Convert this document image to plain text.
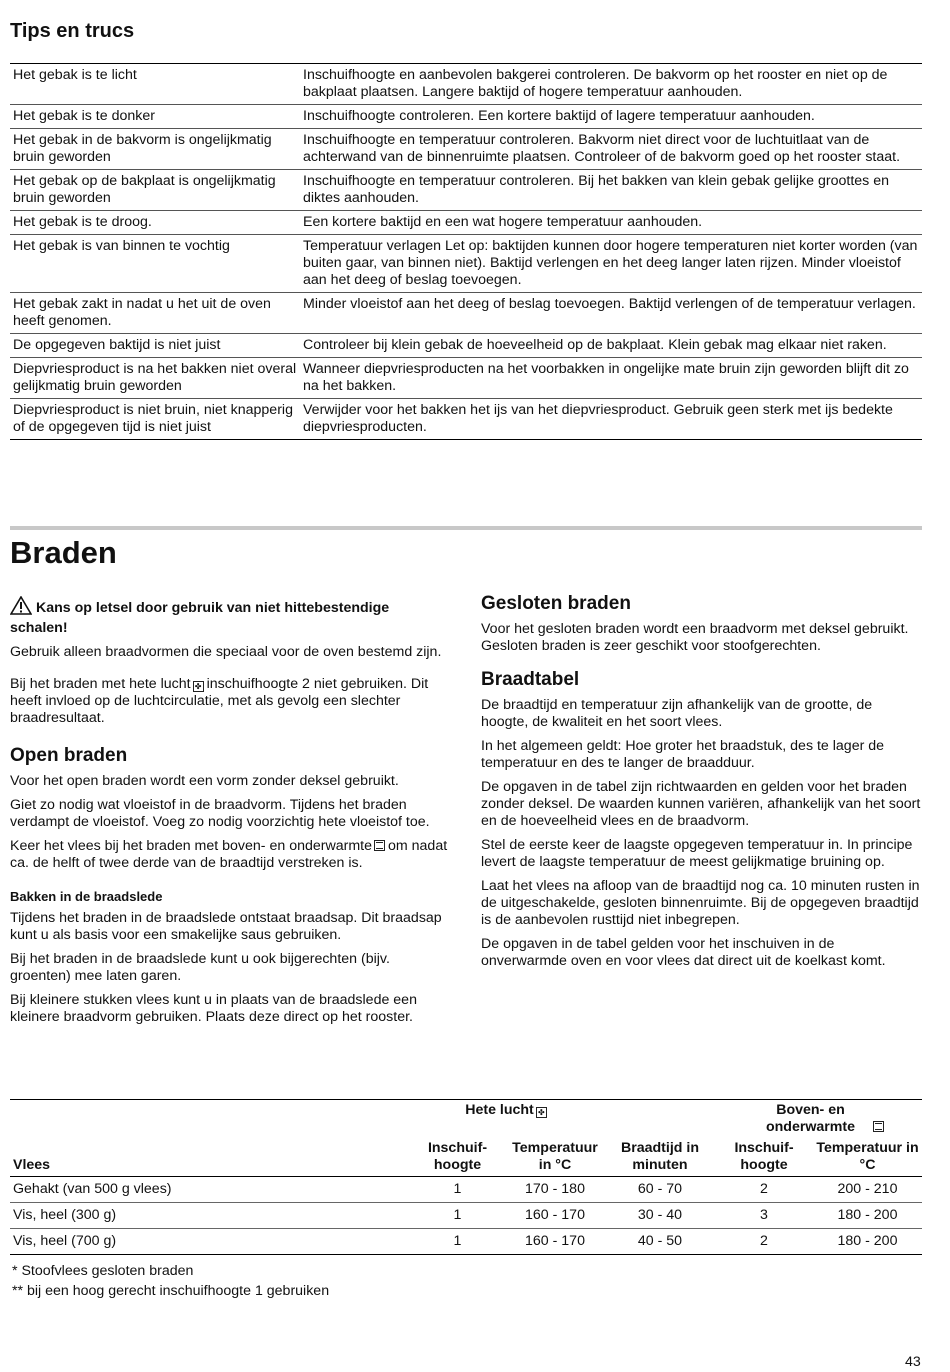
Tips en trucs
Het gebak is te licht	Inschuifhoogte en aanbevolen bakgerei controleren. De bakvorm op het rooster en niet op de bakplaat plaatsen. Langere baktijd of hogere temperatuur aanhouden.
Het gebak is te donker	Inschuifhoogte controleren. Een kortere baktijd of lagere temperatuur aanhouden.
Het gebak in de bakvorm is ongelijkmatig bruin geworden	Inschuifhoogte en temperatuur controleren. Bakvorm niet direct voor de luchtuitlaat van de achterwand van de binnenruimte plaatsen. Controleer of de bakvorm goed op het rooster staat.
Het gebak op de bakplaat is ongelijkmatig bruin geworden	Inschuifhoogte en temperatuur controleren. Bij het bakken van klein gebak gelijke groottes en diktes aanhouden.
Het gebak is te droog.	Een kortere baktijd en een wat hogere temperatuur aanhouden.
Het gebak is van binnen te vochtig	Temperatuur verlagen Let op: baktijden kunnen door hogere temperaturen niet korter worden (van buiten gaar, van binnen niet). Baktijd verlengen en het deeg langer laten rijzen. Minder vloeistof aan het deeg of beslag toevoegen.
Het gebak zakt in nadat u het uit de oven heeft genomen.	Minder vloeistof aan het deeg of beslag toevoegen. Baktijd verlengen of de temperatuur verlagen.
De opgegeven baktijd is niet juist	Controleer bij klein gebak de hoeveelheid op de bakplaat. Klein gebak mag elkaar niet raken.
Diepvriesproduct is na het bakken niet overal gelijkmatig bruin geworden	Wanneer diepvriesproducten na het voorbakken in ongelijke mate bruin zijn geworden blijft dit zo na het bakken.
Diepvriesproduct is niet bruin, niet knapperig of de opgegeven tijd is niet juist	Verwijder voor het bakken het ijs van het diepvriesproduct. Gebruik geen sterk met ijs bedekte diepvriesproducten.
Braden

Kans op letsel door gebruik van niet hittebestendige schalen!

Gebruik alleen braadvormen die speciaal voor de oven bestemd zijn.

Bij het braden met hete lucht ✤ inschuifhoogte 2 niet gebruiken. Dit heeft invloed op de luchtcirculatie, met als gevolg een slechter braadresultaat.

Open braden

Voor het open braden wordt een vorm zonder deksel gebruikt.

Giet zo nodig wat vloeistof in de braadvorm. Tijdens het braden verdampt de vloeistof. Voeg zo nodig voorzichtig hete vloeistof toe.

Keer het vlees bij het braden met boven- en onderwarmte om nadat ca. de helft of twee derde van de braadtijd verstreken is.

Bakken in de braadslede

Tijdens het braden in de braadslede ontstaat braadsap. Dit braadsap kunt u als basis voor een smakelijke saus gebruiken.

Bij het braden in de braadslede kunt u ook bijgerechten (bijv. groenten) mee laten garen.

Bij kleinere stukken vlees kunt u in plaats van de braadslede een kleinere braadvorm gebruiken. Plaats deze direct op het rooster.

Gesloten braden

Voor het gesloten braden wordt een braadvorm met deksel gebruikt. Gesloten braden is zeer geschikt voor stoofgerechten.

Braadtabel

De braadtijd en temperatuur zijn afhankelijk van de grootte, de hoogte, de kwaliteit en het soort vlees.

In het algemeen geldt: Hoe groter het braadstuk, des te lager de temperatuur en des te langer de braadduur.

De opgaven in de tabel zijn richtwaarden en gelden voor het braden zonder deksel. De waarden kunnen variëren, afhankelijk van het soort en de hoeveelheid vlees en de braadvorm.

Stel de eerste keer de laagste opgegeven temperatuur in. In principe levert de laagste temperatuur de meest gelijkmatige bruining op.

Laat het vlees na afloop van de braadtijd nog ca. 10 minuten rusten in de uitgeschakelde, gesloten binnenruimte. Bij de opgegeven braadtijd is de aanbevolen rusttijd niet inbegrepen.

De opgaven in de tabel gelden voor het inschuiven in de onverwarmde oven en voor vlees dat direct uit de koelkast komt.

	Hete lucht ✤			Boven- en onderwarmte	
Vlees	Inschuifhoogte	Temperatuur in °C	Braadtijd in minuten	Inschuifhoogte	Temperatuur in °C
Gehakt (van 500 g vlees)	1	170 - 180	60 - 70	2	200 - 210
Vis, heel (300 g)	1	160 - 170	30 - 40	3	180 - 200
Vis, heel (700 g)	1	160 - 170	40 - 50	2	180 - 200
* Stoofvlees gesloten braden
** bij een hoog gerecht inschuifhoogte 1 gebruiken
43
